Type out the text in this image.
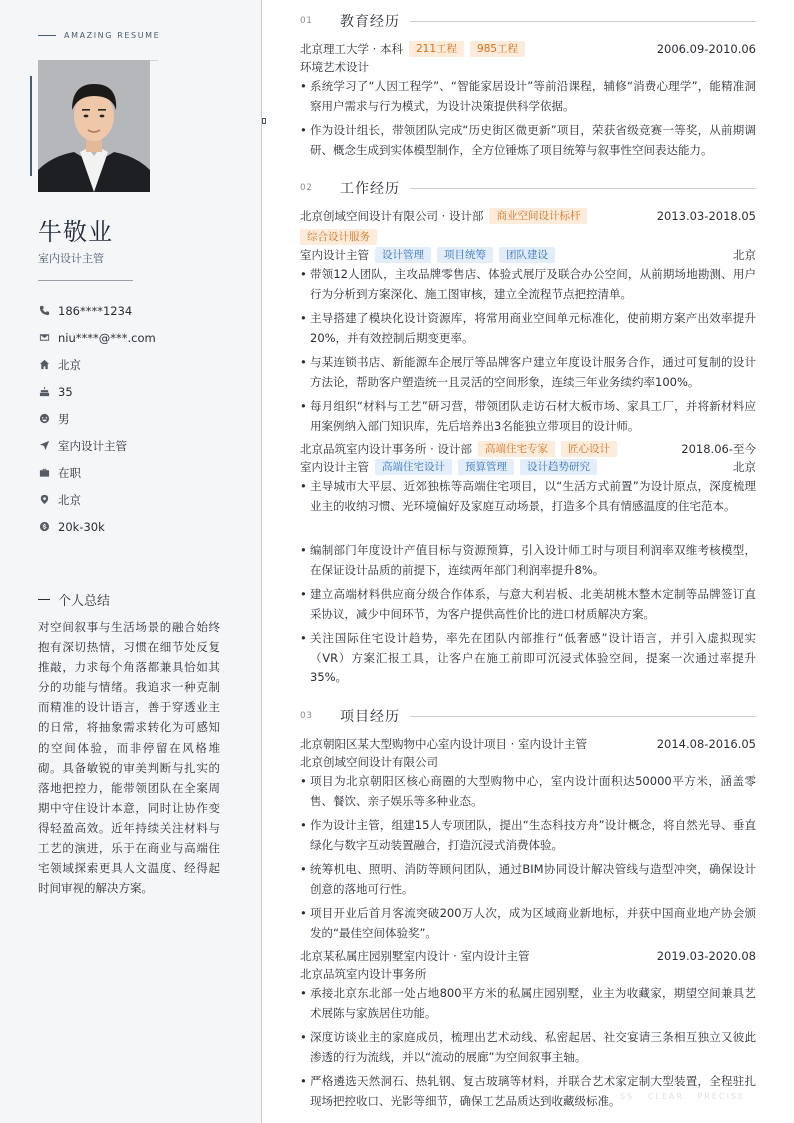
AMAZING RESUME
牛敬业
室内设计主管
186****1234
niu****@***.com
北京
35
男
室内设计主管
在职
北京
20k-30k
个人总结
对空间叙事与生活场景的融合始终抱有深切热情，习惯在细节处反复推敲，力求每个角落都兼具恰如其分的功能与情绪。我追求一种克制而精准的设计语言，善于穿透业主的日常，将抽象需求转化为可感知的空间体验，而非停留在风格堆砌。具备敏锐的审美判断与扎实的落地把控力，能带领团队在全案周期中守住设计本意，同时让协作变得轻盈高效。近年持续关注材料与工艺的演进，乐于在商业与高端住宅领域探索更具人文温度、经得起时间审视的解决方案。
01	教育经历
北京理工大学 · 本科	211工程	985工程	2006.09-2010.06
环境艺术设计
• 系统学习了“人因工程学”、“智能家居设计”等前沿课程，辅修“消费心理学”，能精准洞察用户需求与行为模式，为设计决策提供科学依据。
• 作为设计组长，带领团队完成“历史街区微更新”项目，荣获省级竞赛一等奖，从前期调研、概念生成到实体模型制作，全方位锤炼了项目统筹与叙事性空间表达能力。
02	工作经历
北京创域空间设计有限公司 · 设计部	商业空间设计标杆	2013.03-2018.05
综合设计服务
室内设计主管	设计管理	项目统筹	团队建设	北京
• 带领12人团队，主攻品牌零售店、体验式展厅及联合办公空间，从前期场地勘测、用户行为分析到方案深化、施工图审核，建立全流程节点把控清单。
• 主导搭建了模块化设计资源库，将常用商业空间单元标准化，使前期方案产出效率提升20%，并有效控制后期变更率。
• 与某连锁书店、新能源车企展厅等品牌客户建立年度设计服务合作，通过可复制的设计方法论，帮助客户塑造统一且灵活的空间形象，连续三年业务续约率100%。
• 每月组织“材料与工艺”研习营，带领团队走访石材大板市场、家具工厂，并将新材料应用案例纳入部门知识库，先后培养出3名能独立带项目的设计师。
北京品筑室内设计事务所 · 设计部	高端住宅专家	匠心设计	2018.06-至今
室内设计主管	高端住宅设计	预算管理	设计趋势研究	北京
• 主导城市大平层、近郊独栋等高端住宅项目，以“生活方式前置”为设计原点，深度梳理业主的收纳习惯、光环境偏好及家庭互动场景，打造多个具有情感温度的住宅范本。
• 编制部门年度设计产值目标与资源预算，引入设计师工时与项目利润率双维考核模型，在保证设计品质的前提下，连续两年部门利润率提升8%。
• 建立高端材料供应商分级合作体系，与意大利岩板、北美胡桃木整木定制等品牌签订直采协议，减少中间环节，为客户提供高性价比的进口材质解决方案。
• 关注国际住宅设计趋势，率先在团队内部推行“低奢感”设计语言，并引入虚拟现实（VR）方案汇报工具，让客户在施工前即可沉浸式体验空间，提案一次通过率提升35%。
03	项目经历
北京朝阳区某大型购物中心室内设计项目 · 室内设计主管	2014.08-2016.05
北京创域空间设计有限公司
• 项目为北京朝阳区核心商圈的大型购物中心，室内设计面积达50000平方米，涵盖零售、餐饮、亲子娱乐等多种业态。
• 作为设计主管，组建15人专项团队，提出“生态科技方舟”设计概念，将自然光导、垂直绿化与数字互动装置融合，打造沉浸式消费体验。
• 统筹机电、照明、消防等顾问团队，通过BIM协同设计解决管线与造型冲突，确保设计创意的落地可行性。
• 项目开业后首月客流突破200万人次，成为区域商业新地标，并获中国商业地产协会颁发的“最佳空间体验奖”。
北京某私属庄园别墅室内设计 · 室内设计主管	2019.03-2020.08
北京品筑室内设计事务所
• 承接北京东北部一处占地800平方米的私属庄园别墅，业主为收藏家，期望空间兼具艺术展陈与家族居住功能。
• 深度访谈业主的家庭成员，梳理出艺术动线、私密起居、社交宴请三条相互独立又彼此渗透的行为流线，并以“流动的展廊”为空间叙事主轴。
• 严格遴选天然洞石、热轧钢、复古玻璃等材料，并联合艺术家定制大型装置，全程驻扎现场把控收口、光影等细节，确保工艺品质达到收藏级标准。 SS · CLEAR · PRECISE
